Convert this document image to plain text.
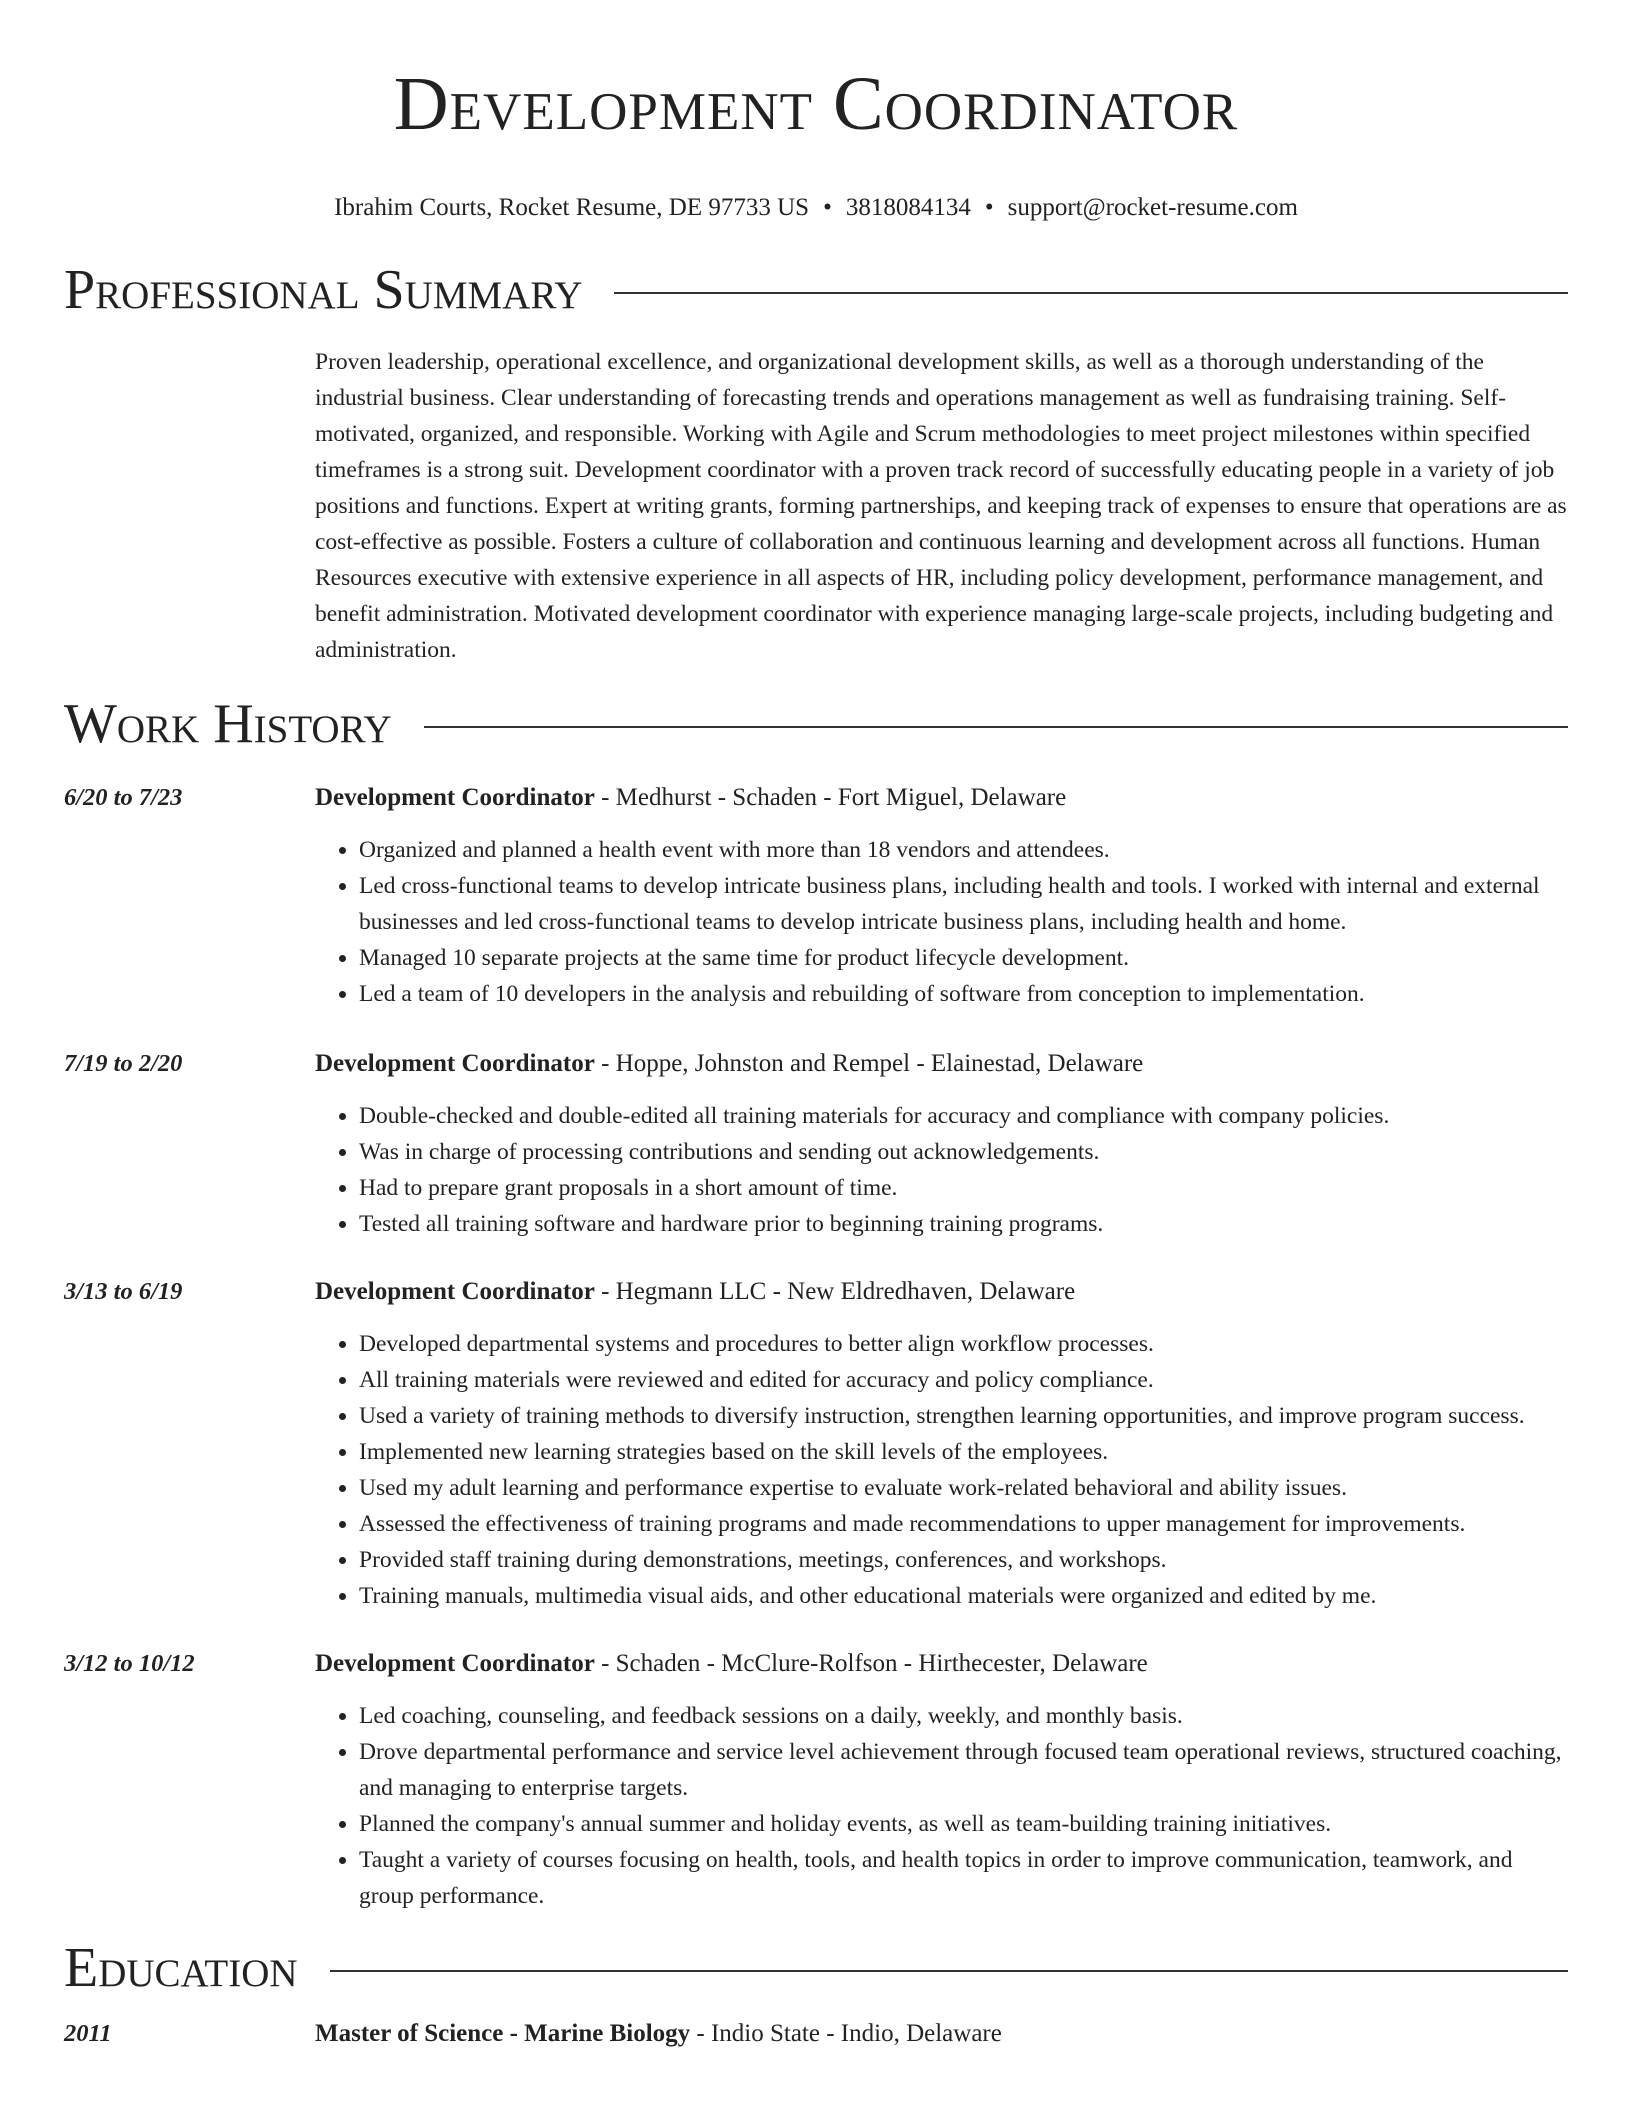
Development Coordinator
Ibrahim Courts, Rocket Resume, DE 97733 US • 3818084134 • support@rocket-resume.com
Professional Summary
Proven leadership, operational excellence, and organizational development skills, as well as a thorough understanding of the industrial business. Clear understanding of forecasting trends and operations management as well as fundraising training. Self-motivated, organized, and responsible. Working with Agile and Scrum methodologies to meet project milestones within specified timeframes is a strong suit. Development coordinator with a proven track record of successfully educating people in a variety of job positions and functions. Expert at writing grants, forming partnerships, and keeping track of expenses to ensure that operations are as cost-effective as possible. Fosters a culture of collaboration and continuous learning and development across all functions. Human Resources executive with extensive experience in all aspects of HR, including policy development, performance management, and benefit administration. Motivated development coordinator with experience managing large-scale projects, including budgeting and administration.
Work History
6/20 to 7/23	Development Coordinator - Medhurst - Schaden - Fort Miguel, Delaware
• Organized and planned a health event with more than 18 vendors and attendees.
• Led cross-functional teams to develop intricate business plans, including health and tools. I worked with internal and external businesses and led cross-functional teams to develop intricate business plans, including health and home.
• Managed 10 separate projects at the same time for product lifecycle development.
• Led a team of 10 developers in the analysis and rebuilding of software from conception to implementation.
7/19 to 2/20	Development Coordinator - Hoppe, Johnston and Rempel - Elainestad, Delaware
• Double-checked and double-edited all training materials for accuracy and compliance with company policies.
• Was in charge of processing contributions and sending out acknowledgements.
• Had to prepare grant proposals in a short amount of time.
• Tested all training software and hardware prior to beginning training programs.
3/13 to 6/19	Development Coordinator - Hegmann LLC - New Eldredhaven, Delaware
• Developed departmental systems and procedures to better align workflow processes.
• All training materials were reviewed and edited for accuracy and policy compliance.
• Used a variety of training methods to diversify instruction, strengthen learning opportunities, and improve program success.
• Implemented new learning strategies based on the skill levels of the employees.
• Used my adult learning and performance expertise to evaluate work-related behavioral and ability issues.
• Assessed the effectiveness of training programs and made recommendations to upper management for improvements.
• Provided staff training during demonstrations, meetings, conferences, and workshops.
• Training manuals, multimedia visual aids, and other educational materials were organized and edited by me.
3/12 to 10/12	Development Coordinator - Schaden - McClure-Rolfson - Hirthecester, Delaware
• Led coaching, counseling, and feedback sessions on a daily, weekly, and monthly basis.
• Drove departmental performance and service level achievement through focused team operational reviews, structured coaching, and managing to enterprise targets.
• Planned the company's annual summer and holiday events, as well as team-building training initiatives.
• Taught a variety of courses focusing on health, tools, and health topics in order to improve communication, teamwork, and group performance.
Education
2011	Master of Science - Marine Biology - Indio State - Indio, Delaware
